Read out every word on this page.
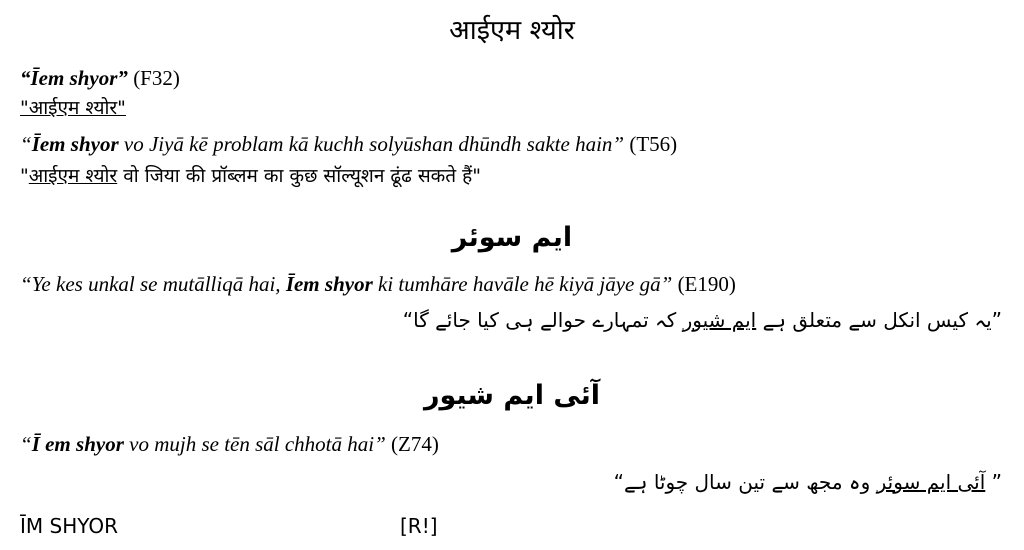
आईएम श्योर
“Īem shyor” (F32)
"आईएम श्योर"
“Īem shyor vo Jiyā kē problam kā kuchh solyūshan dhūndh sakte hain” (T56)
"आईएम श्योर वो जिया की प्रॉब्लम का कुछ सॉल्यूशन ढूंढ सकते हैं"
ایم سوئر
“Ye kes unkal se mutālliqā hai, Īem shyor ki tumhāre havāle hē kiyā jāye gā” (E190)
”یہ کیس انکل سے متعلق ہے ایم شیور کہ تمہارے حوالے ہی کیا جائے گا“
آئی ایم شیور
“Ī em shyor vo mujh se tēn sāl chhotā hai” (Z74)
” آئی ایم سوئر وہ مجھ سے تین سال چوٹا ہے“
ĪM SHYOR	[R!]
